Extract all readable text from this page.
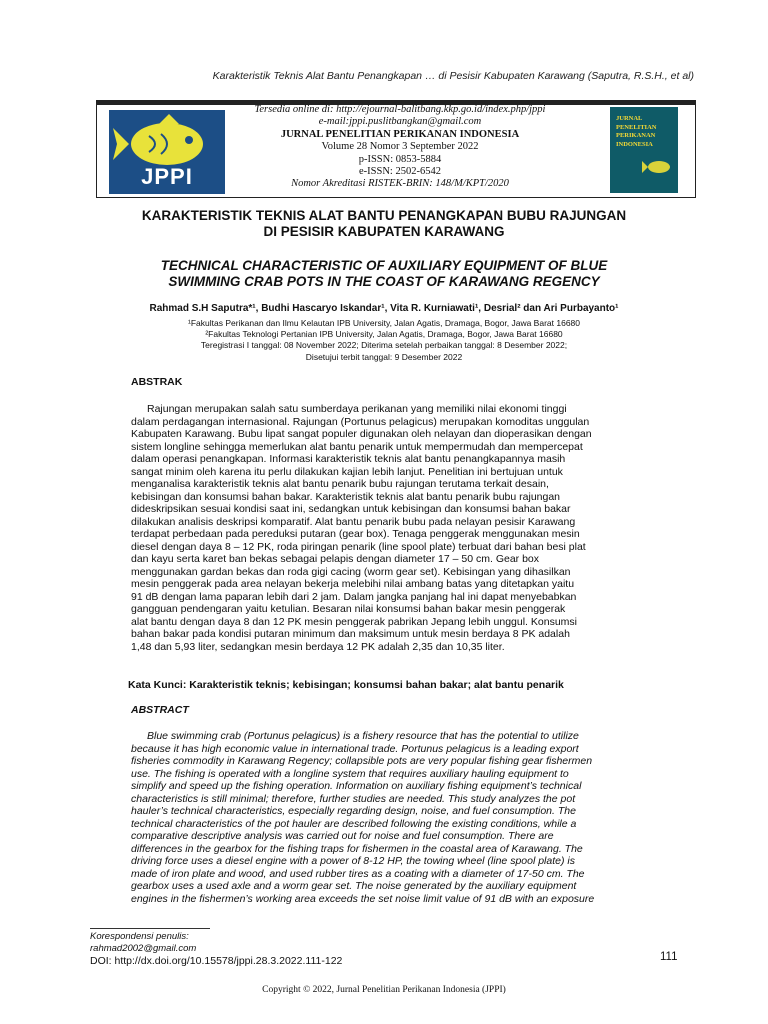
Karakteristik Teknis Alat Bantu Penangkapan … di Pesisir Kabupaten Karawang (Saputra, R.S.H., et al)
JPPI
Tersedia online di: http://ejournal-balitbang.kkp.go.id/index.php/jppi
e-mail:jppi.puslitbangkan@gmail.com
JURNAL PENELITIAN PERIKANAN INDONESIA
Volume 28 Nomor 3 September 2022
p-ISSN: 0853-5884
e-ISSN: 2502-6542
Nomor Akreditasi RISTEK-BRIN: 148/M/KPT/2020
JURNAL
PENELITIAN
PERIKANAN
INDONESIA
KARAKTERISTIK TEKNIS ALAT BANTU PENANGKAPAN BUBU RAJUNGAN
DI PESISIR KABUPATEN KARAWANG
TECHNICAL CHARACTERISTIC OF AUXILIARY EQUIPMENT OF BLUE
SWIMMING CRAB POTS IN THE COAST OF KARAWANG REGENCY
Rahmad S.H Saputra*¹, Budhi Hascaryo Iskandar¹, Vita R. Kurniawati¹, Desrial² dan Ari Purbayanto¹
¹Fakultas Perikanan dan Ilmu Kelautan IPB University, Jalan Agatis, Dramaga, Bogor, Jawa Barat 16680
²Fakultas Teknologi Pertanian IPB University, Jalan Agatis, Dramaga, Bogor, Jawa Barat 16680
Teregistrasi I tanggal: 08 November 2022; Diterima setelah perbaikan tanggal: 8 Desember 2022;
Disetujui terbit tanggal: 9 Desember 2022
ABSTRAK
Rajungan merupakan salah satu sumberdaya perikanan yang memiliki nilai ekonomi tinggi
dalam perdagangan internasional. Rajungan (Portunus pelagicus) merupakan komoditas unggulan
Kabupaten Karawang. Bubu lipat sangat populer digunakan oleh nelayan dan dioperasikan dengan
sistem longline sehingga memerlukan alat bantu penarik untuk mempermudah dan mempercepat
dalam operasi penangkapan. Informasi karakteristik teknis alat bantu penangkapannya masih
sangat minim oleh karena itu perlu dilakukan kajian lebih lanjut. Penelitian ini bertujuan untuk
menganalisa karakteristik teknis alat bantu penarik bubu rajungan terutama terkait desain,
kebisingan dan konsumsi bahan bakar. Karakteristik teknis alat bantu penarik bubu rajungan
dideskripsikan sesuai kondisi saat ini, sedangkan untuk kebisingan dan konsumsi bahan bakar
dilakukan analisis deskripsi komparatif. Alat bantu penarik bubu pada nelayan pesisir Karawang
terdapat perbedaan pada pereduksi putaran (gear box). Tenaga penggerak menggunakan mesin
diesel dengan daya 8 – 12 PK, roda piringan penarik (line spool plate) terbuat dari bahan besi plat
dan kayu serta karet ban bekas sebagai pelapis dengan diameter 17 – 50 cm. Gear box
menggunakan gardan bekas dan roda gigi cacing (worm gear set). Kebisingan yang dihasilkan
mesin penggerak pada area nelayan bekerja melebihi nilai ambang batas yang ditetapkan yaitu
91 dB dengan lama paparan lebih dari 2 jam. Dalam jangka panjang hal ini dapat menyebabkan
gangguan pendengaran yaitu ketulian. Besaran nilai konsumsi bahan bakar mesin penggerak
alat bantu dengan daya 8 dan 12 PK mesin penggerak pabrikan Jepang lebih unggul. Konsumsi
bahan bakar pada kondisi putaran minimum dan maksimum untuk mesin berdaya 8 PK adalah
1,48 dan 5,93 liter, sedangkan mesin berdaya 12 PK adalah 2,35 dan 10,35 liter.
Kata Kunci: Karakteristik teknis; kebisingan; konsumsi bahan bakar; alat bantu penarik
ABSTRACT
Blue swimming crab (Portunus pelagicus) is a fishery resource that has the potential to utilize
because it has high economic value in international trade. Portunus pelagicus is a leading export
fisheries commodity in Karawang Regency; collapsible pots are very popular fishing gear fishermen
use. The fishing is operated with a longline system that requires auxiliary hauling equipment to
simplify and speed up the fishing operation. Information on auxiliary fishing equipment’s technical
characteristics is still minimal; therefore, further studies are needed. This study analyzes the pot
hauler’s technical characteristics, especially regarding design, noise, and fuel consumption. The
technical characteristics of the pot hauler are described following the existing conditions, while a
comparative descriptive analysis was carried out for noise and fuel consumption. There are
differences in the gearbox for the fishing traps for fishermen in the coastal area of Karawang. The
driving force uses a diesel engine with a power of 8-12 HP, the towing wheel (line spool plate) is
made of iron plate and wood, and used rubber tires as a coating with a diameter of 17-50 cm. The
gearbox uses a used axle and a worm gear set. The noise generated by the auxiliary equipment
engines in the fishermen’s working area exceeds the set noise limit value of 91 dB with an exposure
Korespondensi penulis:
rahmad2002@gmail.com
DOI: http://dx.doi.org/10.15578/jppi.28.3.2022.111-122	111
Copyright © 2022, Jurnal Penelitian Perikanan Indonesia (JPPI)
